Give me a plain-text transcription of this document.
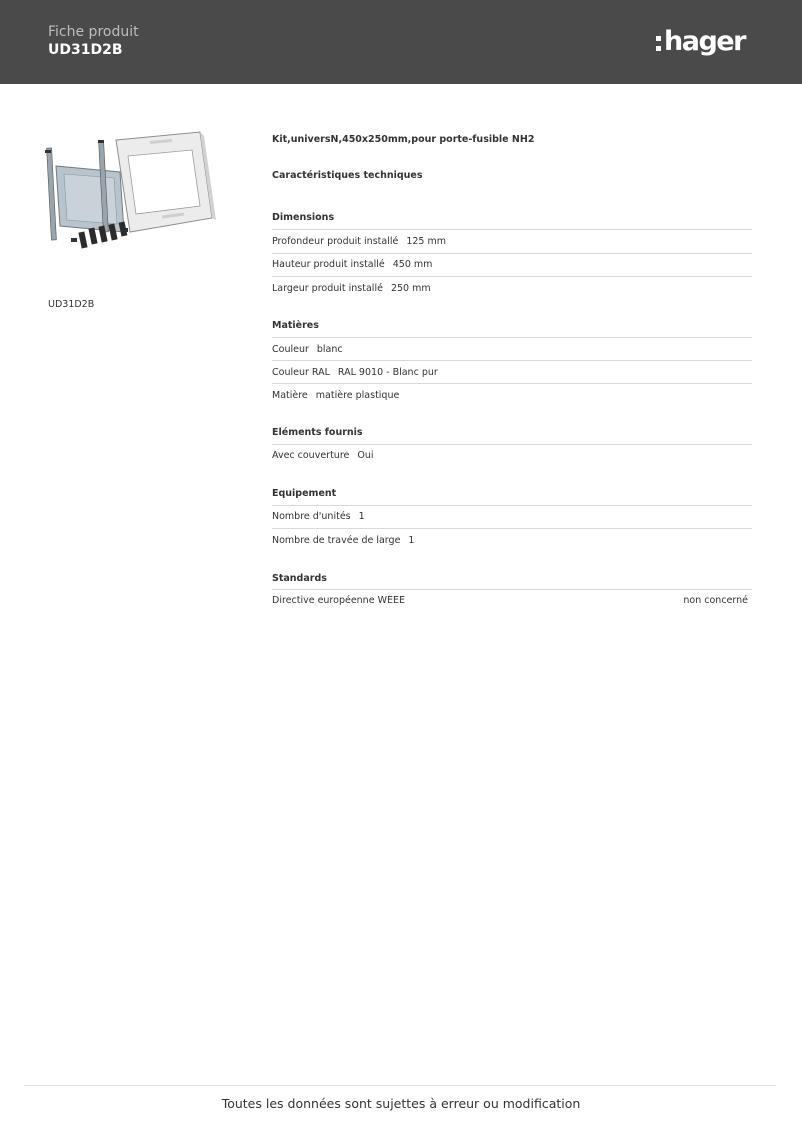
Fiche produit
UD31D2B	hager
UD31D2B
Kit,universN,450x250mm,pour porte-fusible NH2
Caractéristiques techniques
Dimensions
Profondeur produit installé 125 mm
Hauteur produit installé 450 mm
Largeur produit installé 250 mm
Matières
Couleur blanc
Couleur RAL RAL 9010 - Blanc pur
Matière matière plastique
Eléments fournis
Avec couverture Oui
Equipement
Nombre d'unités 1
Nombre de travée de large 1
Standards
Directive européenne WEEE	non concerné
Toutes les données sont sujettes à erreur ou modification
